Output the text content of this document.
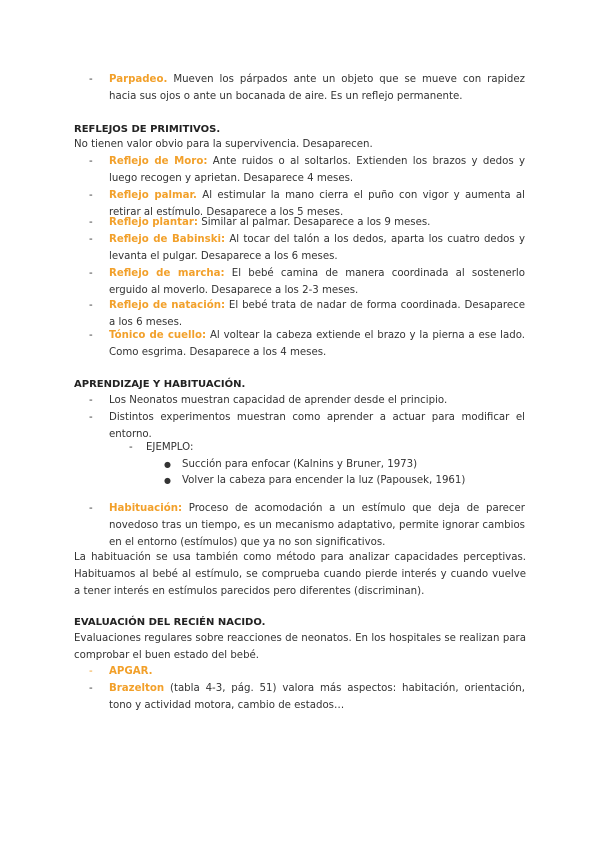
- Parpadeo. Mueven los párpados ante un objeto que se mueve con rapidez hacia sus ojos o ante un bocanada de aire. Es un reflejo permanente.
REFLEJOS DE PRIMITIVOS.
No tienen valor obvio para la supervivencia. Desaparecen.
- Reflejo de Moro: Ante ruidos o al soltarlos. Extienden los brazos y dedos y luego recogen y aprietan. Desaparece 4 meses.
- Reflejo palmar. Al estimular la mano cierra el puño con vigor y aumenta al retirar al estímulo. Desaparece a los 5 meses.
- Reflejo plantar: Similar al palmar. Desaparece a los 9 meses.
- Reflejo de Babinski: Al tocar del talón a los dedos, aparta los cuatro dedos y levanta el pulgar. Desaparece a los 6 meses.
- Reflejo de marcha: El bebé camina de manera coordinada al sostenerlo erguido al moverlo. Desaparece a los 2-3 meses.
- Reflejo de natación: El bebé trata de nadar de forma coordinada. Desaparece a los 6 meses.
- Tónico de cuello: Al voltear la cabeza extiende el brazo y la pierna a ese lado. Como esgrima. Desaparece a los 4 meses.
APRENDIZAJE Y HABITUACIÓN.
- Los Neonatos muestran capacidad de aprender desde el principio.
- Distintos experimentos muestran como aprender a actuar para modificar el entorno.
- EJEMPLO:
● Succión para enfocar (Kalnins y Bruner, 1973)
● Volver la cabeza para encender la luz (Papousek, 1961)
- Habituación: Proceso de acomodación a un estímulo que deja de parecer novedoso tras un tiempo, es un mecanismo adaptativo, permite ignorar cambios en el entorno (estímulos) que ya no son significativos.

La habituación se usa también como método para analizar capacidades perceptivas. Habituamos al bebé al estímulo, se comprueba cuando pierde interés y cuando vuelve a tener interés en estímulos parecidos pero diferentes (discriminan).

EVALUACIÓN DEL RECIÉN NACIDO.

Evaluaciones regulares sobre reacciones de neonatos. En los hospitales se realizan para comprobar el buen estado del bebé.

- APGAR.
- Brazelton (tabla 4-3, pág. 51) valora más aspectos: habitación, orientación, tono y actividad motora, cambio de estados…
